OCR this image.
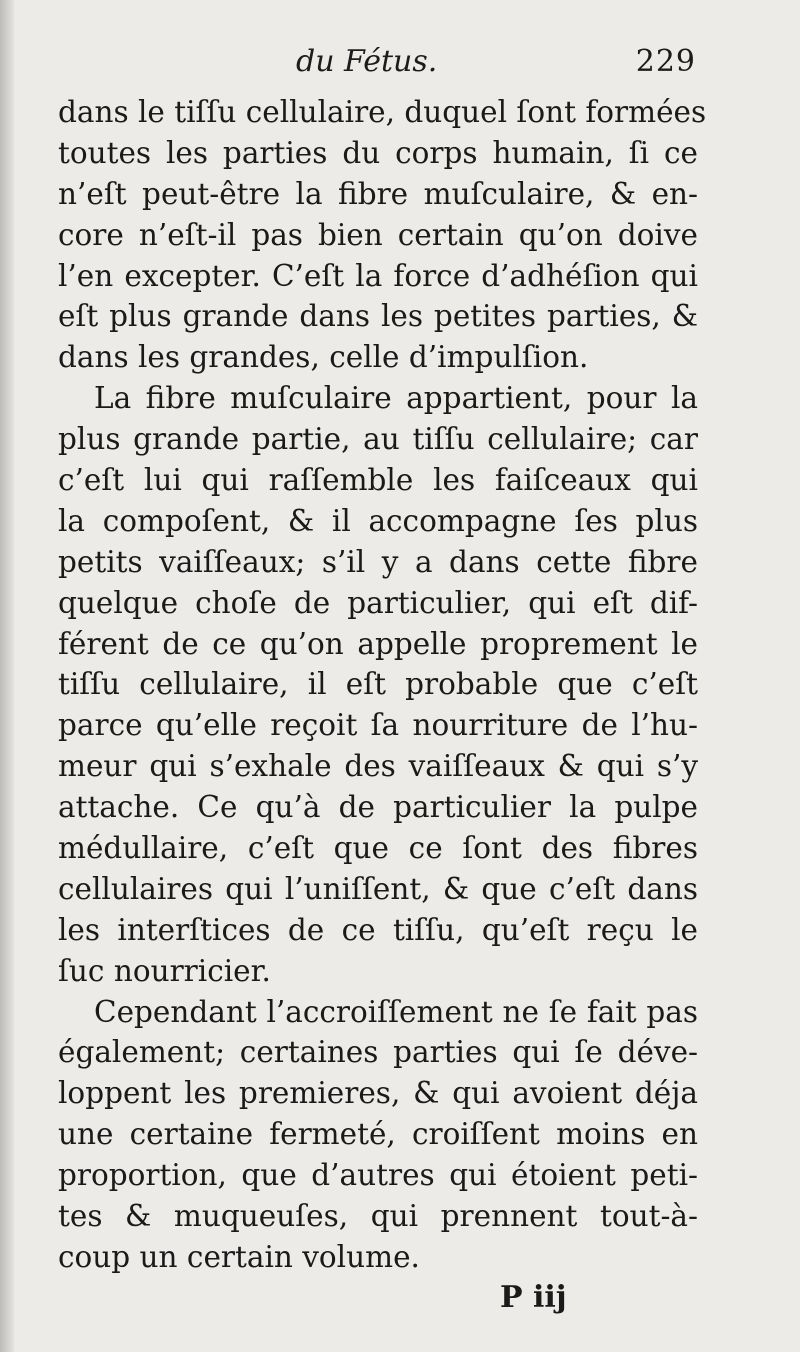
du Fétus.	229
dans le tiſſu cellulaire, duquel ſont formées
toutes les parties du corps humain, ſi ce
n’eſt peut-être la fibre muſculaire, & en-
core n’eſt-il pas bien certain qu’on doive
l’en excepter. C’eſt la force d’adhéſion qui
eſt plus grande dans les petites parties, &
dans les grandes, celle d’impulſion.
La fibre muſculaire appartient, pour la
plus grande partie, au tiſſu cellulaire; car
c’eſt lui qui raſſemble les faiſceaux qui
la compoſent, & il accompagne ſes plus
petits vaiſſeaux; s’il y a dans cette fibre
quelque choſe de particulier, qui eſt dif-
férent de ce qu’on appelle proprement le
tiſſu cellulaire, il eſt probable que c’eſt
parce qu’elle reçoit ſa nourriture de l’hu-
meur qui s’exhale des vaiſſeaux & qui s’y
attache. Ce qu’à de particulier la pulpe
médullaire, c’eſt que ce ſont des fibres
cellulaires qui l’uniſſent, & que c’eſt dans
les interſtices de ce tiſſu, qu’eſt reçu le
ſuc nourricier.
Cependant l’accroiſſement ne ſe fait pas
également; certaines parties qui ſe déve-
loppent les premieres, & qui avoient déja
une certaine fermeté, croiſſent moins en
proportion, que d’autres qui étoient peti-
tes & muqueuſes, qui prennent tout-à-
coup un certain volume.
P iij
